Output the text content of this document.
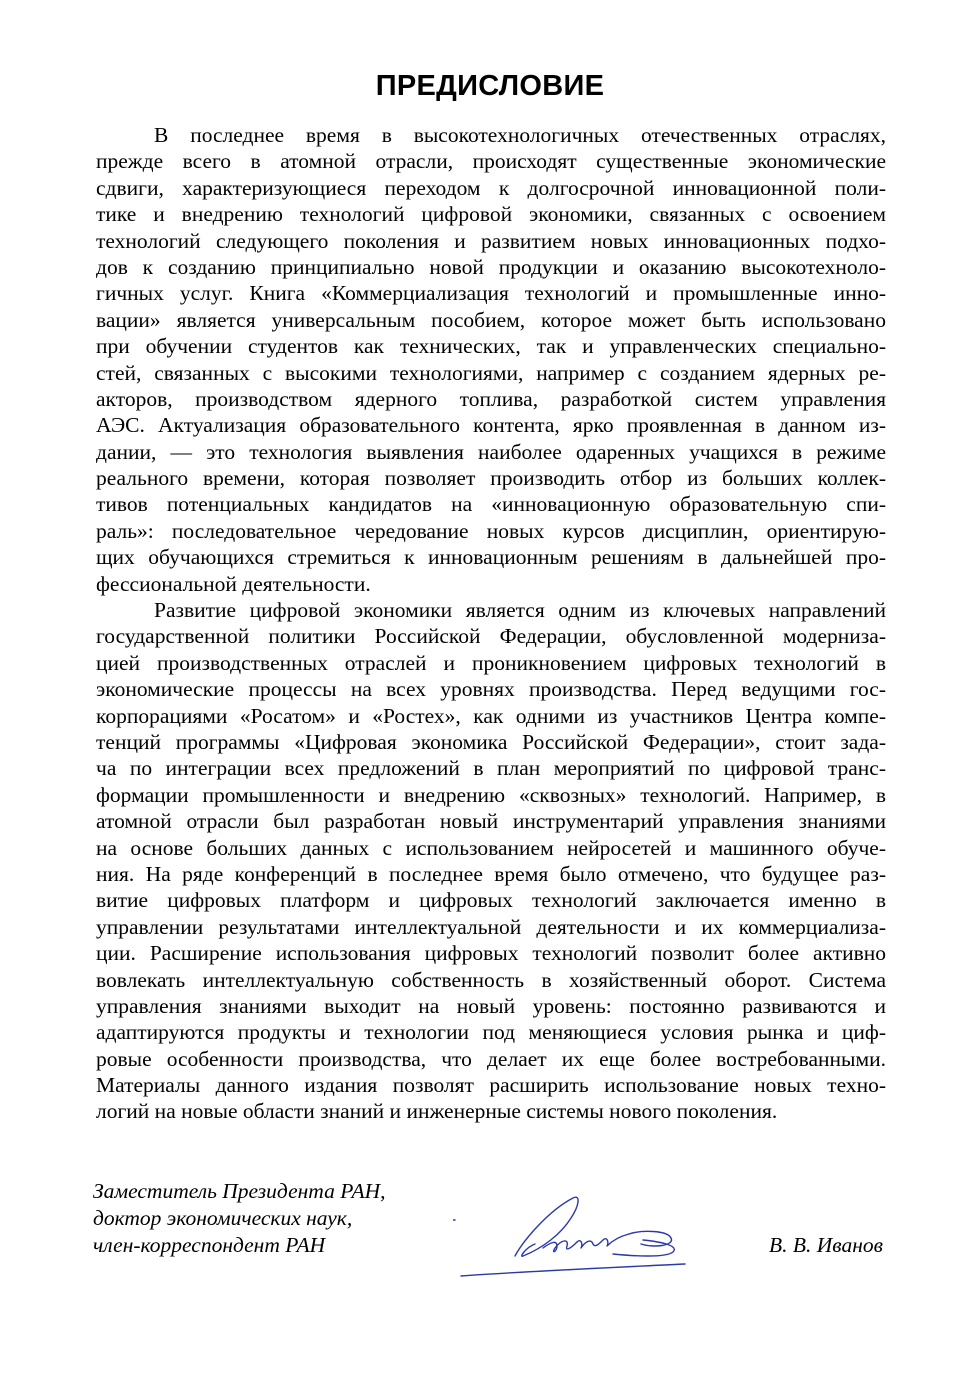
ПРЕДИСЛОВИЕ
В последнее время в высокотехнологичных отечественных отраслях,
прежде всего в атомной отрасли, происходят существенные экономические
сдвиги, характеризующиеся переходом к долгосрочной инновационной поли-
тике и внедрению технологий цифровой экономики, связанных с освоением
технологий следующего поколения и развитием новых инновационных подхо-
дов к созданию принципиально новой продукции и оказанию высокотехноло-
гичных услуг. Книга «Коммерциализация технологий и промышленные инно-
вации» является универсальным пособием, которое может быть использовано
при обучении студентов как технических, так и управленческих специально-
стей, связанных с высокими технологиями, например с созданием ядерных ре-
акторов, производством ядерного топлива, разработкой систем управления
АЭС. Актуализация образовательного контента, ярко проявленная в данном из-
дании, — это технология выявления наиболее одаренных учащихся в режиме
реального времени, которая позволяет производить отбор из больших коллек-
тивов потенциальных кандидатов на «инновационную образовательную спи-
раль»: последовательное чередование новых курсов дисциплин, ориентирую-
щих обучающихся стремиться к инновационным решениям в дальнейшей про-
фессиональной деятельности.
Развитие цифровой экономики является одним из ключевых направлений
государственной политики Российской Федерации, обусловленной модерниза-
цией производственных отраслей и проникновением цифровых технологий в
экономические процессы на всех уровнях производства. Перед ведущими гос-
корпорациями «Росатом» и «Ростех», как одними из участников Центра компе-
тенций программы «Цифровая экономика Российской Федерации», стоит зада-
ча по интеграции всех предложений в план мероприятий по цифровой транс-
формации промышленности и внедрению «сквозных» технологий. Например, в
атомной отрасли был разработан новый инструментарий управления знаниями
на основе больших данных с использованием нейросетей и машинного обуче-
ния. На ряде конференций в последнее время было отмечено, что будущее раз-
витие цифровых платформ и цифровых технологий заключается именно в
управлении результатами интеллектуальной деятельности и их коммерциализа-
ции. Расширение использования цифровых технологий позволит более активно
вовлекать интеллектуальную собственность в хозяйственный оборот. Система
управления знаниями выходит на новый уровень: постоянно развиваются и
адаптируются продукты и технологии под меняющиеся условия рынка и циф-
ровые особенности производства, что делает их еще более востребованными.
Материалы данного издания позволят расширить использование новых техно-
логий на новые области знаний и инженерные системы нового поколения.
Заместитель Президента РАН,
доктор экономических наук,
член-корреспондент РАН	В. В. Иванов
